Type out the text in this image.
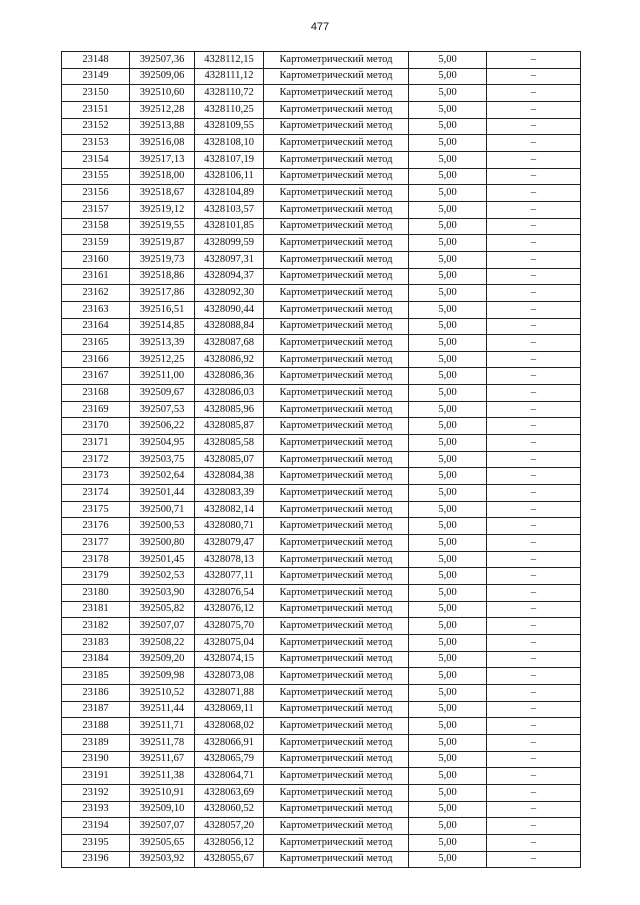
477
23148	392507,36	4328112,15	Картометрический метод	5,00	–
23149	392509,06	4328111,12	Картометрический метод	5,00	–
23150	392510,60	4328110,72	Картометрический метод	5,00	–
23151	392512,28	4328110,25	Картометрический метод	5,00	–
23152	392513,88	4328109,55	Картометрический метод	5,00	–
23153	392516,08	4328108,10	Картометрический метод	5,00	–
23154	392517,13	4328107,19	Картометрический метод	5,00	–
23155	392518,00	4328106,11	Картометрический метод	5,00	–
23156	392518,67	4328104,89	Картометрический метод	5,00	–
23157	392519,12	4328103,57	Картометрический метод	5,00	–
23158	392519,55	4328101,85	Картометрический метод	5,00	–
23159	392519,87	4328099,59	Картометрический метод	5,00	–
23160	392519,73	4328097,31	Картометрический метод	5,00	–
23161	392518,86	4328094,37	Картометрический метод	5,00	–
23162	392517,86	4328092,30	Картометрический метод	5,00	–
23163	392516,51	4328090,44	Картометрический метод	5,00	–
23164	392514,85	4328088,84	Картометрический метод	5,00	–
23165	392513,39	4328087,68	Картометрический метод	5,00	–
23166	392512,25	4328086,92	Картометрический метод	5,00	–
23167	392511,00	4328086,36	Картометрический метод	5,00	–
23168	392509,67	4328086,03	Картометрический метод	5,00	–
23169	392507,53	4328085,96	Картометрический метод	5,00	–
23170	392506,22	4328085,87	Картометрический метод	5,00	–
23171	392504,95	4328085,58	Картометрический метод	5,00	–
23172	392503,75	4328085,07	Картометрический метод	5,00	–
23173	392502,64	4328084,38	Картометрический метод	5,00	–
23174	392501,44	4328083,39	Картометрический метод	5,00	–
23175	392500,71	4328082,14	Картометрический метод	5,00	–
23176	392500,53	4328080,71	Картометрический метод	5,00	–
23177	392500,80	4328079,47	Картометрический метод	5,00	–
23178	392501,45	4328078,13	Картометрический метод	5,00	–
23179	392502,53	4328077,11	Картометрический метод	5,00	–
23180	392503,90	4328076,54	Картометрический метод	5,00	–
23181	392505,82	4328076,12	Картометрический метод	5,00	–
23182	392507,07	4328075,70	Картометрический метод	5,00	–
23183	392508,22	4328075,04	Картометрический метод	5,00	–
23184	392509,20	4328074,15	Картометрический метод	5,00	–
23185	392509,98	4328073,08	Картометрический метод	5,00	–
23186	392510,52	4328071,88	Картометрический метод	5,00	–
23187	392511,44	4328069,11	Картометрический метод	5,00	–
23188	392511,71	4328068,02	Картометрический метод	5,00	–
23189	392511,78	4328066,91	Картометрический метод	5,00	–
23190	392511,67	4328065,79	Картометрический метод	5,00	–
23191	392511,38	4328064,71	Картометрический метод	5,00	–
23192	392510,91	4328063,69	Картометрический метод	5,00	–
23193	392509,10	4328060,52	Картометрический метод	5,00	–
23194	392507,07	4328057,20	Картометрический метод	5,00	–
23195	392505,65	4328056,12	Картометрический метод	5,00	–
23196	392503,92	4328055,67	Картометрический метод	5,00	–
